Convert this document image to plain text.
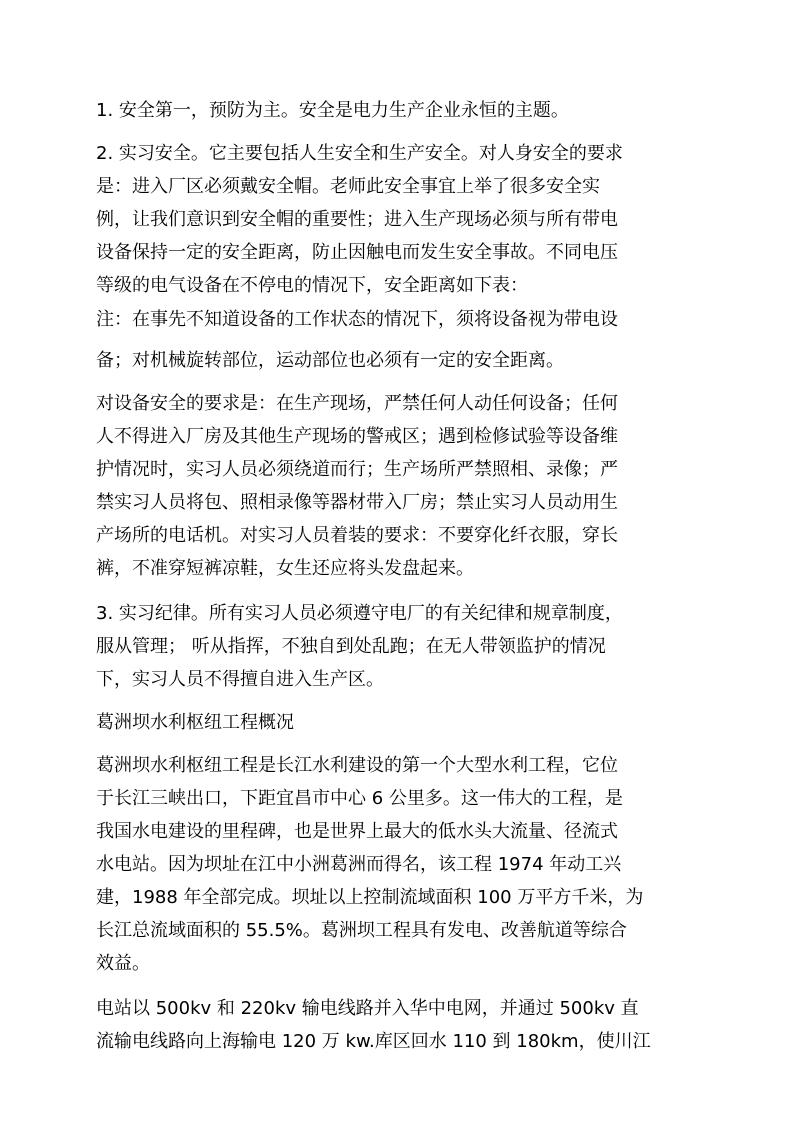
1. 安全第一，预防为主。安全是电力生产企业永恒的主题。
2. 实习安全。它主要包括人生安全和生产安全。对人身安全的要求
是：进入厂区必须戴安全帽。老师此安全事宜上举了很多安全实
例，让我们意识到安全帽的重要性；进入生产现场必须与所有带电
设备保持一定的安全距离，防止因触电而发生安全事故。不同电压
等级的电气设备在不停电的情况下，安全距离如下表：
注：在事先不知道设备的工作状态的情况下，须将设备视为带电设
备；对机械旋转部位，运动部位也必须有一定的安全距离。
对设备安全的要求是：在生产现场，严禁任何人动任何设备；任何
人不得进入厂房及其他生产现场的警戒区；遇到检修试验等设备维
护情况时，实习人员必须绕道而行；生产场所严禁照相、录像；严
禁实习人员将包、照相录像等器材带入厂房；禁止实习人员动用生
产场所的电话机。对实习人员着装的要求：不要穿化纤衣服，穿长
裤，不准穿短裤凉鞋，女生还应将头发盘起来。
3. 实习纪律。所有实习人员必须遵守电厂的有关纪律和规章制度，
服从管理； 听从指挥，不独自到处乱跑；在无人带领监护的情况
下，实习人员不得擅自进入生产区。
葛洲坝水利枢纽工程概况
葛洲坝水利枢纽工程是长江水利建设的第一个大型水利工程，它位
于长江三峡出口，下距宜昌市中心 6 公里多。这一伟大的工程，是
我国水电建设的里程碑，也是世界上最大的低水头大流量、径流式
水电站。因为坝址在江中小洲葛洲而得名，该工程 1974 年动工兴
建，1988 年全部完成。坝址以上控制流域面积 100 万平方千米，为
长江总流域面积的 55.5%。葛洲坝工程具有发电、改善航道等综合
效益。
电站以 500kv 和 220kv 输电线路并入华中电网，并通过 500kv 直
流输电线路向上海输电 120 万 kw.库区回水 110 到 180km，使川江
